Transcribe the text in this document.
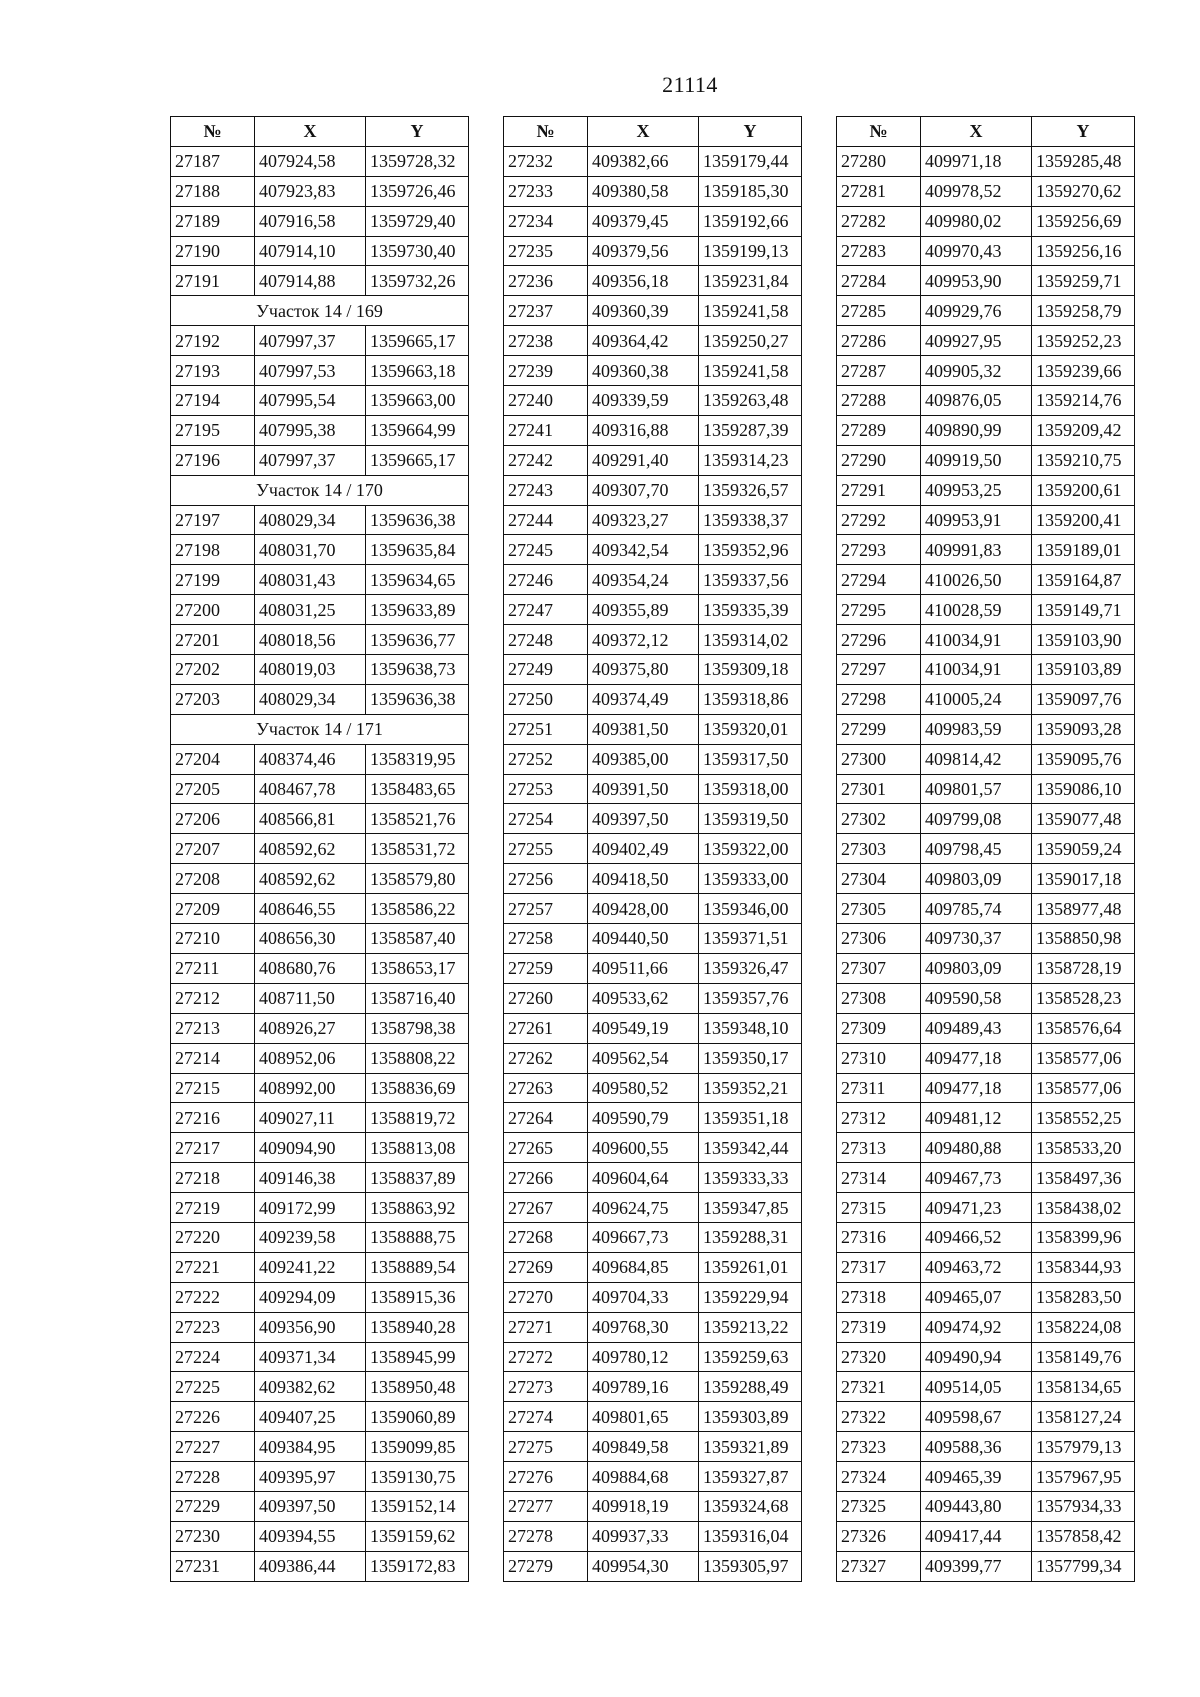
21114
№	X	Y
27187	407924,58	1359728,32
27188	407923,83	1359726,46
27189	407916,58	1359729,40
27190	407914,10	1359730,40
27191	407914,88	1359732,26
Участок 14 / 169		
27192	407997,37	1359665,17
27193	407997,53	1359663,18
27194	407995,54	1359663,00
27195	407995,38	1359664,99
27196	407997,37	1359665,17
Участок 14 / 170		
27197	408029,34	1359636,38
27198	408031,70	1359635,84
27199	408031,43	1359634,65
27200	408031,25	1359633,89
27201	408018,56	1359636,77
27202	408019,03	1359638,73
27203	408029,34	1359636,38
Участок 14 / 171		
27204	408374,46	1358319,95
27205	408467,78	1358483,65
27206	408566,81	1358521,76
27207	408592,62	1358531,72
27208	408592,62	1358579,80
27209	408646,55	1358586,22
27210	408656,30	1358587,40
27211	408680,76	1358653,17
27212	408711,50	1358716,40
27213	408926,27	1358798,38
27214	408952,06	1358808,22
27215	408992,00	1358836,69
27216	409027,11	1358819,72
27217	409094,90	1358813,08
27218	409146,38	1358837,89
27219	409172,99	1358863,92
27220	409239,58	1358888,75
27221	409241,22	1358889,54
27222	409294,09	1358915,36
27223	409356,90	1358940,28
27224	409371,34	1358945,99
27225	409382,62	1358950,48
27226	409407,25	1359060,89
27227	409384,95	1359099,85
27228	409395,97	1359130,75
27229	409397,50	1359152,14
27230	409394,55	1359159,62
27231	409386,44	1359172,83
№	X	Y
27232	409382,66	1359179,44
27233	409380,58	1359185,30
27234	409379,45	1359192,66
27235	409379,56	1359199,13
27236	409356,18	1359231,84
27237	409360,39	1359241,58
27238	409364,42	1359250,27
27239	409360,38	1359241,58
27240	409339,59	1359263,48
27241	409316,88	1359287,39
27242	409291,40	1359314,23
27243	409307,70	1359326,57
27244	409323,27	1359338,37
27245	409342,54	1359352,96
27246	409354,24	1359337,56
27247	409355,89	1359335,39
27248	409372,12	1359314,02
27249	409375,80	1359309,18
27250	409374,49	1359318,86
27251	409381,50	1359320,01
27252	409385,00	1359317,50
27253	409391,50	1359318,00
27254	409397,50	1359319,50
27255	409402,49	1359322,00
27256	409418,50	1359333,00
27257	409428,00	1359346,00
27258	409440,50	1359371,51
27259	409511,66	1359326,47
27260	409533,62	1359357,76
27261	409549,19	1359348,10
27262	409562,54	1359350,17
27263	409580,52	1359352,21
27264	409590,79	1359351,18
27265	409600,55	1359342,44
27266	409604,64	1359333,33
27267	409624,75	1359347,85
27268	409667,73	1359288,31
27269	409684,85	1359261,01
27270	409704,33	1359229,94
27271	409768,30	1359213,22
27272	409780,12	1359259,63
27273	409789,16	1359288,49
27274	409801,65	1359303,89
27275	409849,58	1359321,89
27276	409884,68	1359327,87
27277	409918,19	1359324,68
27278	409937,33	1359316,04
27279	409954,30	1359305,97
№	X	Y
27280	409971,18	1359285,48
27281	409978,52	1359270,62
27282	409980,02	1359256,69
27283	409970,43	1359256,16
27284	409953,90	1359259,71
27285	409929,76	1359258,79
27286	409927,95	1359252,23
27287	409905,32	1359239,66
27288	409876,05	1359214,76
27289	409890,99	1359209,42
27290	409919,50	1359210,75
27291	409953,25	1359200,61
27292	409953,91	1359200,41
27293	409991,83	1359189,01
27294	410026,50	1359164,87
27295	410028,59	1359149,71
27296	410034,91	1359103,90
27297	410034,91	1359103,89
27298	410005,24	1359097,76
27299	409983,59	1359093,28
27300	409814,42	1359095,76
27301	409801,57	1359086,10
27302	409799,08	1359077,48
27303	409798,45	1359059,24
27304	409803,09	1359017,18
27305	409785,74	1358977,48
27306	409730,37	1358850,98
27307	409803,09	1358728,19
27308	409590,58	1358528,23
27309	409489,43	1358576,64
27310	409477,18	1358577,06
27311	409477,18	1358577,06
27312	409481,12	1358552,25
27313	409480,88	1358533,20
27314	409467,73	1358497,36
27315	409471,23	1358438,02
27316	409466,52	1358399,96
27317	409463,72	1358344,93
27318	409465,07	1358283,50
27319	409474,92	1358224,08
27320	409490,94	1358149,76
27321	409514,05	1358134,65
27322	409598,67	1358127,24
27323	409588,36	1357979,13
27324	409465,39	1357967,95
27325	409443,80	1357934,33
27326	409417,44	1357858,42
27327	409399,77	1357799,34
